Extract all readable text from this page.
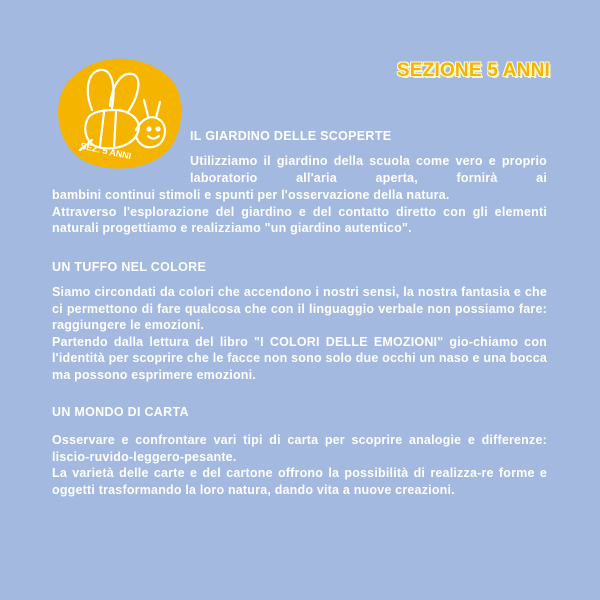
SEZ. 5 ANNI
SEZIONE 5 ANNI
IL GIARDINO DELLE SCOPERTE

Utilizziamo il giardino della scuola come vero e proprio laboratorio all'aria aperta, fornirà ai

bambini continui stimoli e spunti per l'osservazione della natura.

Attraverso l'esplorazione del giardino e del contatto diretto con gli elementi naturali progettiamo e realizziamo "un giardino autentico".

UN TUFFO NEL COLORE

Siamo circondati da colori che accendono i nostri sensi, la nostra fantasia e che ci permettono di fare qualcosa che con il linguaggio verbale non possiamo fare: raggiungere le emozioni.

Partendo dalla lettura del libro "I COLORI DELLE EMOZIONI" gio-chiamo con l'identità per scoprire che le facce non sono solo due occhi un naso e una bocca ma possono esprimere emozioni.

UN MONDO DI CARTA

Osservare e confrontare vari tipi di carta per scoprire analogie e differenze: liscio-ruvido-leggero-pesante.

La varietà delle carte e del cartone offrono la possibilità di realizza-re forme e oggetti trasformando la loro natura, dando vita a nuove creazioni.
